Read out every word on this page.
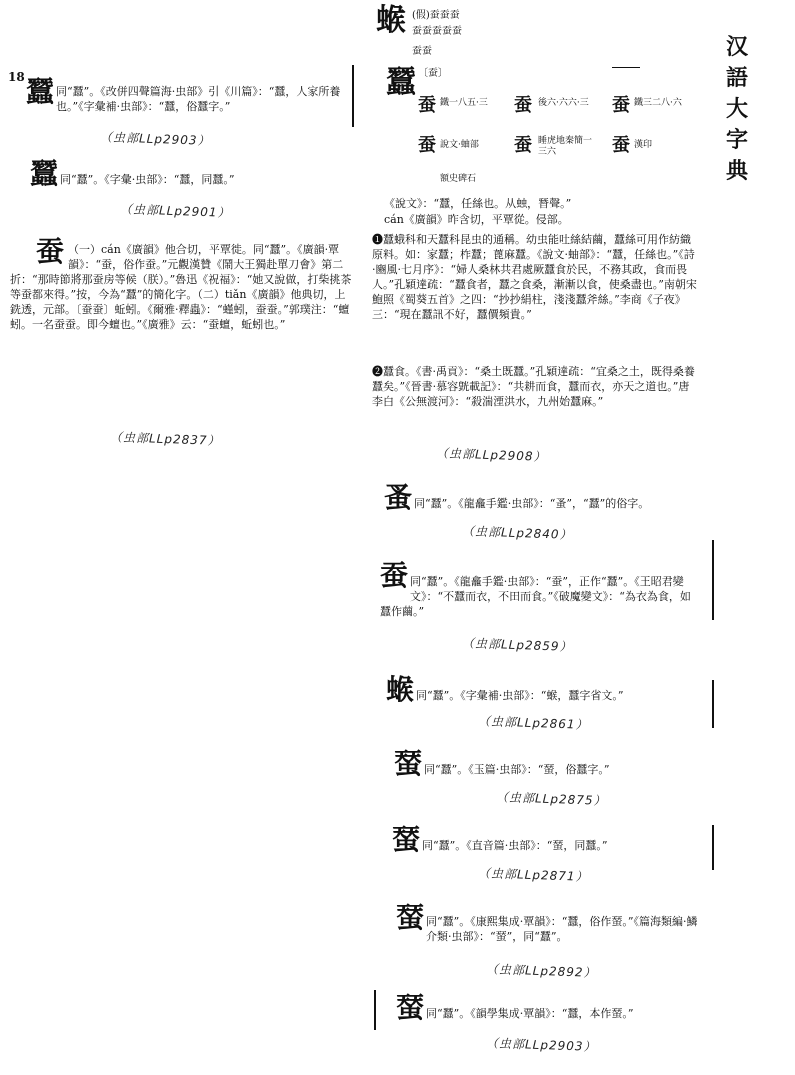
汉
語
大
字
典
18
䗔 (假)蚕蚕蚕
蚕蚕蚕蚕蚕
蚕蚕
蠶 〔蚕〕
蚕 鐵一八五·三 蚕 後六·六六·三	蚕 鐵三二八·六
蚕 說文·蚰部 蚕 睡虎地秦簡一三六	蚕 漢印
額史碑石
《說文》：“蠶，任絲也。从䖵，朁聲。”
cán《廣韻》昨含切，平覃從。侵部。
❶蠶蛾科和天蠶科昆虫的通稱。幼虫能吐絲結繭，蠶絲可用作紡織原料。如：家蠶；柞蠶；蓖麻蠶。《說文·蚰部》：“蠶，任絲也。”《詩·豳風·七月序》：“婦人桑林共君處厥蠶食於民，不務其政，食而畏人。”孔穎達疏：“蠶食者，蠶之食桑，漸漸以食，使桑盡也。”南朝宋鮑照《蜀葵五首》之四：“抄抄絹柱，淺淺蠶斧絲。”李商《子夜》三：“現在蠶訊不好，蠶價頻貴。”
❷蠶食。《書·禹貢》：“桑土既蠶。”孔穎達疏：“宜桑之土，既得桑養蠶矣。”《晉書·慕容皝載記》：“共耕而食，蠶而衣，亦天之道也。”唐李白《公無渡河》：“殺湍湮洪水，九州始蠶麻。”
（虫部ⅬⅬp2908）
蠶 同“蠶”。《改併四聲篇海·虫部》引《川篇》：“蠶，人家所養也。”《字彙補·虫部》：“蠶，俗蠶字。”
（虫部ⅬⅬp2903）
蠶 同“蠶”。《字彙·虫部》：“蠶，同蠶。”
（虫部ⅬⅬp2901）
蚕 （一）cán《廣韻》他合切，平覃徙。同“蠶”。《廣韻·覃韻》：“蚕，俗作蚕。”元觀漢贊《鬧大王獨赴單刀會》第二折：“那時節將那蚕房等候（朕）。”魯迅《祝福》：“她又說做，打柴挑茶等蚕都來得。”按，今為“蠶”的簡化字。（二）tiǎn《廣韻》他典切，上銑透，元部。〔蚕蚕〕蚯蚓。《爾雅·釋蟲》：“螼蚓，蚕蚕。”郭璞注：“蟺蚓。一名蚕蚕。即今蟺也。”《廣雅》云：“蚕蟺，蚯蚓也。”
（虫部ⅬⅬp2837）
蚤 同“蠶”。《龍龕手鑑·虫部》：“蚤”，“蠶”的俗字。
（虫部ⅬⅬp2840）
蚕 同“蠶”。《龍龕手鑑·虫部》：“蚕”，正作“蠶”。《王昭君變文》：“不蠶而衣，不田而食。”《破魔變文》：“為衣為食，如蠶作繭。”
（虫部ⅬⅬp2859）
䗔 同“蠶”。《字彙補·虫部》：“䗔，蠶字省文。”
（虫部ⅬⅬp2861）
蝅 同“蠶”。《玉篇·虫部》：“蝅，俗蠶字。”
（虫部ⅬⅬp2875）
蝅 同“蠶”。《直音篇·虫部》：“蝅，同蠶。”
（虫部ⅬⅬp2871）
蝅 同“蠶”。《康熙集成·覃韻》：“蠶，俗作蝅。”《篇海類編·鱗介類·虫部》：“蝅”，同“蠶”。
（虫部ⅬⅬp2892）
蝅 同“蠶”。《韻學集成·覃韻》：“蠶，本作蝅。”
（虫部ⅬⅬp2903）
